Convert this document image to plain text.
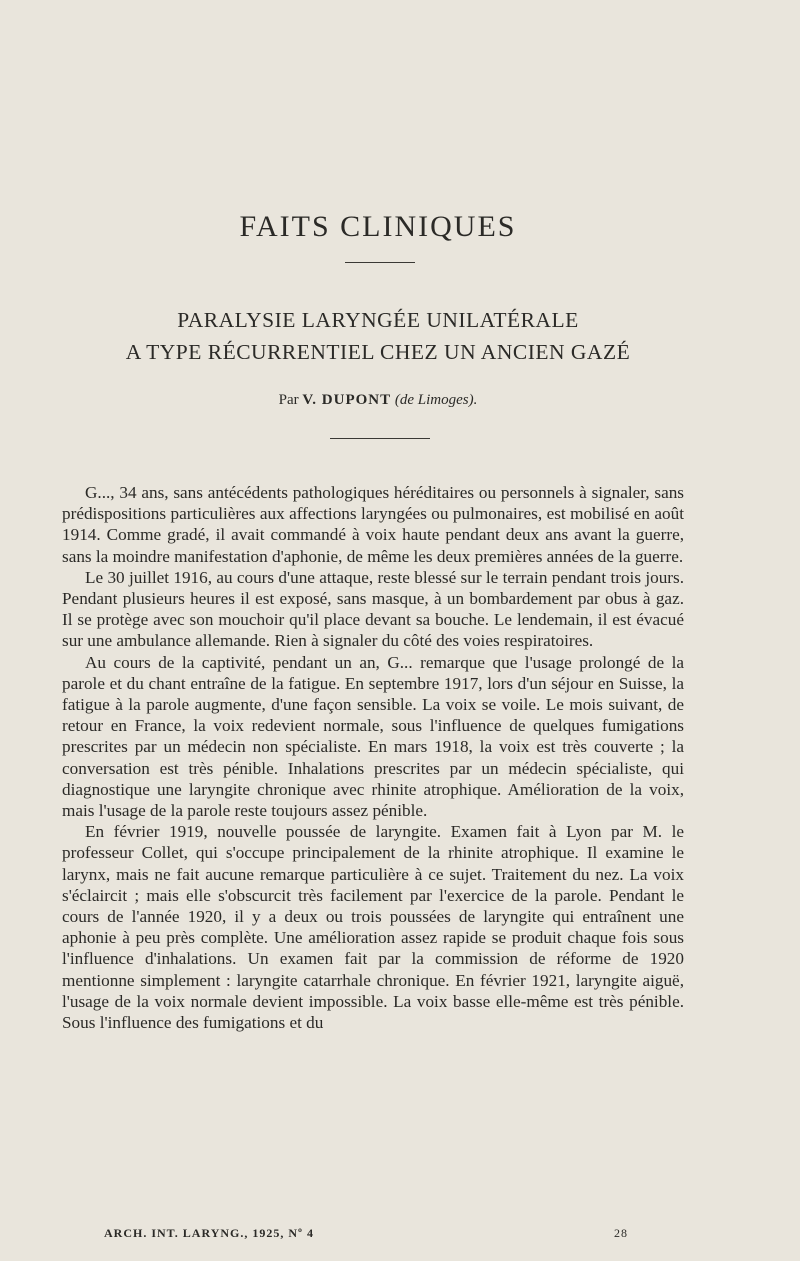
FAITS CLINIQUES
PARALYSIE LARYNGÉE UNILATÉRALE
A TYPE RÉCURRENTIEL CHEZ UN ANCIEN GAZÉ
Par V. DUPONT (de Limoges).

G..., 34 ans, sans antécédents pathologiques héréditaires ou personnels à signaler, sans prédispositions particulières aux affections laryngées ou pulmonaires, est mobilisé en août 1914. Comme gradé, il avait commandé à voix haute pendant deux ans avant la guerre, sans la moindre manifestation d'aphonie, de même les deux premières années de la guerre.

Le 30 juillet 1916, au cours d'une attaque, reste blessé sur le terrain pendant trois jours. Pendant plusieurs heures il est exposé, sans masque, à un bombardement par obus à gaz. Il se protège avec son mouchoir qu'il place devant sa bouche. Le lendemain, il est évacué sur une ambulance allemande. Rien à signaler du côté des voies respiratoires.

Au cours de la captivité, pendant un an, G... remarque que l'usage prolongé de la parole et du chant entraîne de la fatigue. En septembre 1917, lors d'un séjour en Suisse, la fatigue à la parole augmente, d'une façon sensible. La voix se voile. Le mois suivant, de retour en France, la voix redevient normale, sous l'influence de quelques fumigations prescrites par un médecin non spécialiste. En mars 1918, la voix est très couverte ; la conversation est très pénible. Inhalations prescrites par un médecin spécialiste, qui diagnostique une laryngite chronique avec rhinite atrophique. Amélioration de la voix, mais l'usage de la parole reste toujours assez pénible.

En février 1919, nouvelle poussée de laryngite. Examen fait à Lyon par M. le professeur Collet, qui s'occupe principalement de la rhinite atrophique. Il examine le larynx, mais ne fait aucune remarque particulière à ce sujet. Traitement du nez. La voix s'éclaircit ; mais elle s'obscurcit très facilement par l'exercice de la parole. Pendant le cours de l'année 1920, il y a deux ou trois poussées de laryngite qui entraînent une aphonie à peu près complète. Une amélioration assez rapide se produit chaque fois sous l'influence d'inhalations. Un examen fait par la commission de réforme de 1920 mentionne simplement : laryngite catarrhale chronique. En février 1921, laryngite aiguë, l'usage de la voix normale devient impossible. La voix basse elle-même est très pénible. Sous l'influence des fumigations et du

ARCH. INT. LARYNG., 1925, Nº 4	28
